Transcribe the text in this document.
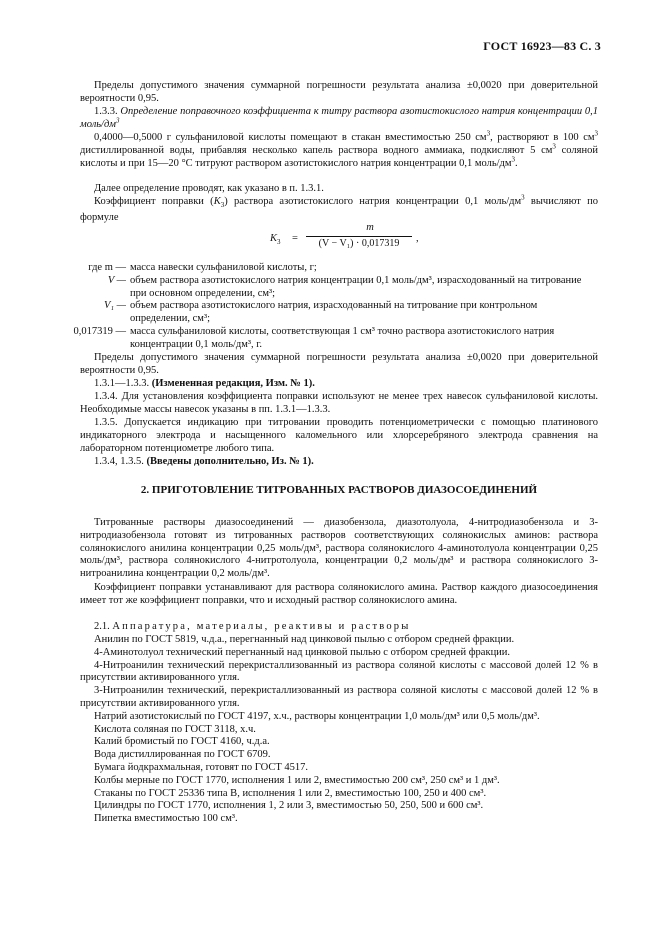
ГОСТ 16923—83 С. 3
Пределы допустимого значения суммарной погрешности результата анализа ±0,0020 при доверительной вероятности 0,95.
1.3.3. Определение поправочного коэффициента к титру раствора азотистокислого натрия концентрации 0,1 моль/$дм^3$
0,4000—0,5000 г сульфаниловой кислоты помещают в стакан вместимостью 250 $см^3$, растворяют в 100 $см^3$ дистиллированной воды, прибавляя несколько капель раствора водного аммиака, подкисляют 5 $см^3$ соляной кислоты и при 15—20 °С титруют раствором азотистокислого натрия концентрации 0,1 моль/$дм^3$.
Далее определение проводят, как указано в п. 1.3.1.
Коэффициент поправки $(K_3)$ раствора азотистокислого натрия концентрации 0,1 моль/$дм^3$ вычисляют по формуле
$K_3$ =
m
(V − V₁) · 0,017319	,
где m — масса навески сульфаниловой кислоты, г;
V — объем раствора азотистокислого натрия концентрации 0,1 моль/дм³, израсходованный на титрование при основном определении, см³;
V₁ — объем раствора азотистокислого натрия, израсходованный на титрование при контрольном определении, см³;
0,017319 — масса сульфаниловой кислоты, соответствующая 1 см³ точно раствора азотистокислого натрия концентрации 0,1 моль/дм³, г.
Пределы допустимого значения суммарной погрешности результата анализа ±0,0020 при доверительной вероятности 0,95.
1.3.1—1.3.3. (Измененная редакция, Изм. № 1).
1.3.4. Для установления коэффициента поправки используют не менее трех навесок сульфаниловой кислоты. Необходимые массы навесок указаны в пп. 1.3.1—1.3.3.
1.3.5. Допускается индикацию при титровании проводить потенциометрически с помощью платинового индикаторного электрода и насыщенного каломельного или хлорсеребряного электрода сравнения на лабораторном потенциометре любого типа.
1.3.4, 1.3.5. (Введены дополнительно, Из. № 1).
2. ПРИГОТОВЛЕНИЕ ТИТРОВАННЫХ РАСТВОРОВ ДИАЗОСОЕДИНЕНИЙ
Титрованные растворы диазосоединений — диазобензола, диазотолуола, 4-нитродиазобензола и 3-нитродиазобензола готовят из титрованных растворов соответствующих солянокислых аминов: раствора солянокислого анилина концентрации 0,25 моль/дм³, раствора солянокислого 4-аминотолуола концентрации 0,25 моль/дм³, раствора солянокислого 4-нитротолуола, концентрации 0,2 моль/дм³ и раствора солянокислого 3-нитроанилина концентрации 0,2 моль/дм³.
Коэффициент поправки устанавливают для раствора солянокислого амина. Раствор каждого диазосоединения имеет тот же коэффициент поправки, что и исходный раствор солянокислого амина.
2.1. Аппаратура, материалы, реактивы и растворы
Анилин по ГОСТ 5819, ч.д.а., перегнанный над цинковой пылью с отбором средней фракции.
4-Аминотолуол технический перегнанный над цинковой пылью с отбором средней фракции.
4-Нитроанилин технический перекристаллизованный из раствора соляной кислоты с массовой долей 12 % в присутствии активированного угля.
3-Нитроанилин технический, перекристаллизованный из раствора соляной кислоты с массовой долей 12 % в присутствии активированного угля.
Натрий азотистокислый по ГОСТ 4197, х.ч., растворы концентрации 1,0 моль/дм³ или 0,5 моль/дм³.
Кислота соляная по ГОСТ 3118, х.ч.
Калий бромистый по ГОСТ 4160, ч.д.а.
Вода дистиллированная по ГОСТ 6709.
Бумага йодкрахмальная, готовят по ГОСТ 4517.
Колбы мерные по ГОСТ 1770, исполнения 1 или 2, вместимостью 200 см³, 250 см³ и 1 дм³.
Стаканы по ГОСТ 25336 типа В, исполнения 1 или 2, вместимостью 100, 250 и 400 см³.
Цилиндры по ГОСТ 1770, исполнения 1, 2 или 3, вместимостью 50, 250, 500 и 600 см³.
Пипетка вместимостью 100 см³.
